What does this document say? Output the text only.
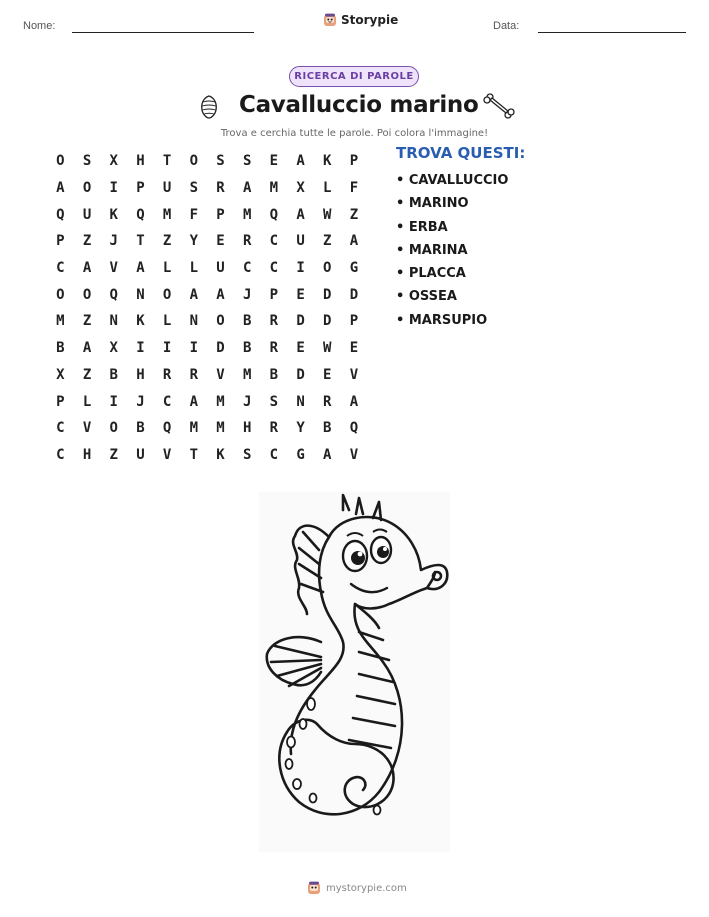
Nome:	Storypie	Data:
RICERCA DI PAROLE
Cavalluccio marino
Trova e cerchia tutte le parole. Poi colora l'immagine!
O	S	X	H	T	O	S	S	E	A	K	P
A	O	I	P	U	S	R	A	M	X	L	F
Q	U	K	Q	M	F	P	M	Q	A	W	Z
P	Z	J	T	Z	Y	E	R	C	U	Z	A
C	A	V	A	L	L	U	C	C	I	O	G
O	O	Q	N	O	A	A	J	P	E	D	D
M	Z	N	K	L	N	O	B	R	D	D	P
B	A	X	I	I	I	D	B	R	E	W	E
X	Z	B	H	R	R	V	M	B	D	E	V
P	L	I	J	C	A	M	J	S	N	R	A
C	V	O	B	Q	M	M	H	R	Y	B	Q
C	H	Z	U	V	T	K	S	C	G	A	V
TROVA QUESTI:
• CAVALLUCCIO
• MARINO
• ERBA
• MARINA
• PLACCA
• OSSEA
• MARSUPIO
mystorypie.com
